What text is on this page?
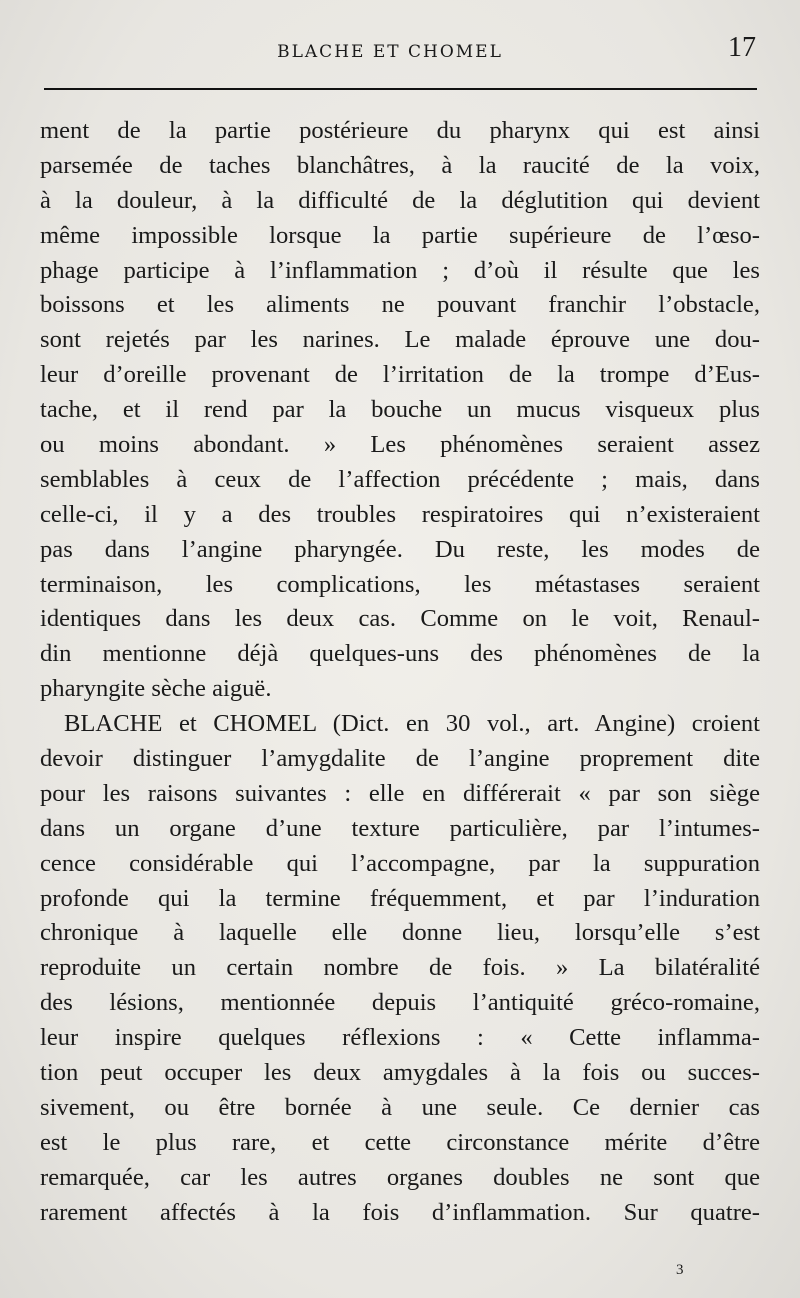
BLACHE ET CHOMEL	17
ment de la partie postérieure du pharynx qui est ainsi
parsemée de taches blanchâtres, à la raucité de la voix,
à la douleur, à la difficulté de la déglutition qui devient
même impossible lorsque la partie supérieure de l’œso-
phage participe à l’inflammation ; d’où il résulte que les
boissons et les aliments ne pouvant franchir l’obstacle,
sont rejetés par les narines. Le malade éprouve une dou-
leur d’oreille provenant de l’irritation de la trompe d’Eus-
tache, et il rend par la bouche un mucus visqueux plus
ou moins abondant. » Les phénomènes seraient assez
semblables à ceux de l’affection précédente ; mais, dans
celle-ci, il y a des troubles respiratoires qui n’existeraient
pas dans l’angine pharyngée. Du reste, les modes de
terminaison, les complications, les métastases seraient
identiques dans les deux cas. Comme on le voit, Renaul-
din mentionne déjà quelques-uns des phénomènes de la
pharyngite sèche aiguë.
BLACHE et CHOMEL (Dict. en 30 vol., art. Angine) croient
devoir distinguer l’amygdalite de l’angine proprement dite
pour les raisons suivantes : elle en différerait « par son siège
dans un organe d’une texture particulière, par l’intumes-
cence considérable qui l’accompagne, par la suppuration
profonde qui la termine fréquemment, et par l’induration
chronique à laquelle elle donne lieu, lorsqu’elle s’est
reproduite un certain nombre de fois. » La bilatéralité
des lésions, mentionnée depuis l’antiquité gréco-romaine,
leur inspire quelques réflexions : « Cette inflamma-
tion peut occuper les deux amygdales à la fois ou succes-
sivement, ou être bornée à une seule. Ce dernier cas
est le plus rare, et cette circonstance mérite d’être
remarquée, car les autres organes doubles ne sont que
rarement affectés à la fois d’inflammation. Sur quatre-
3
